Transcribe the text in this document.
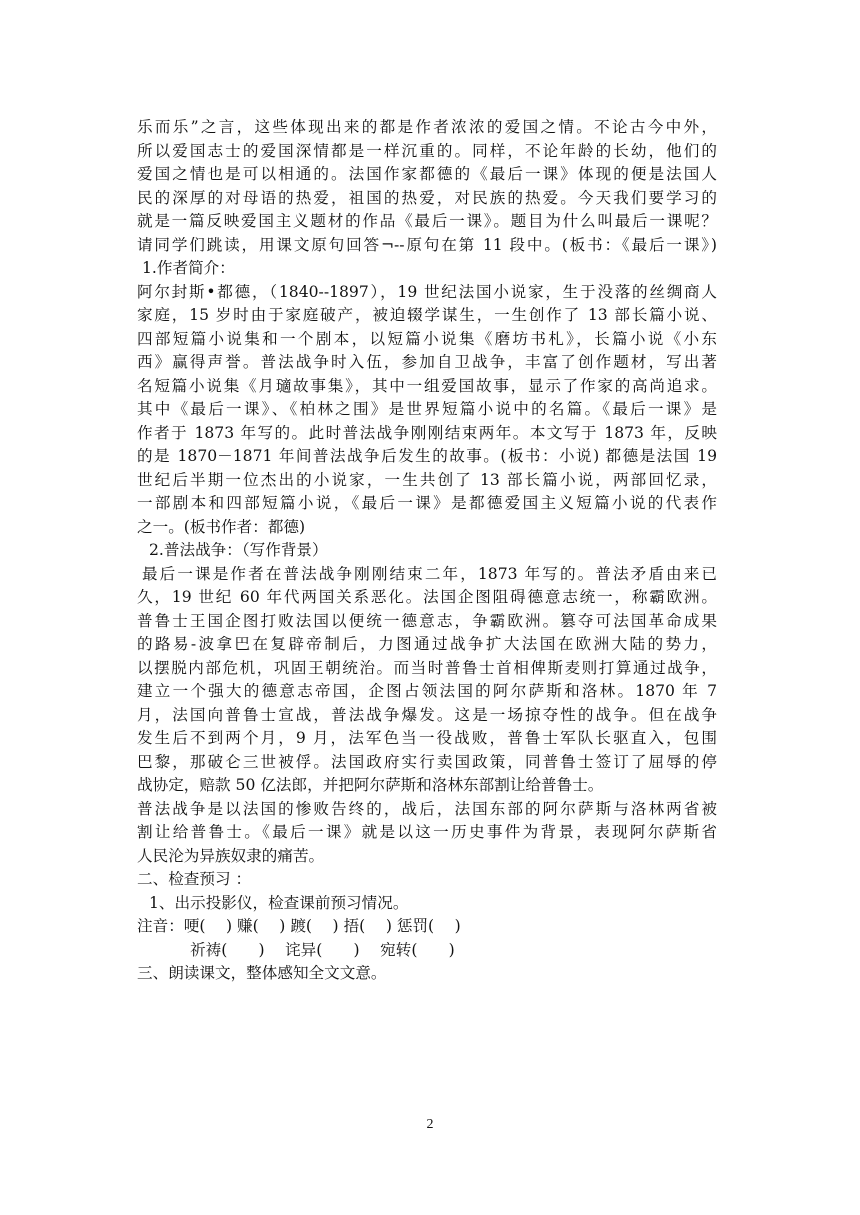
乐而乐”之言，这些体现出来的都是作者浓浓的爱国之情。不论古今中外，
所以爱国志士的爱国深情都是一样沉重的。同样，不论年龄的长幼，他们的
爱国之情也是可以相通的。法国作家都德的《最后一课》体现的便是法国人
民的深厚的对母语的热爱，祖国的热爱，对民族的热爱。今天我们要学习的
就是一篇反映爱国主义题材的作品《最后一课》。题目为什么叫最后一课呢？
请同学们跳读，用课文原句回答¬--原句在第 11 段中。(板书：《最后一课》)
1.作者简介：
阿尔封斯•都德，（1840--1897），19 世纪法国小说家，生于没落的丝绸商人
家庭，15 岁时由于家庭破产，被迫辍学谋生，一生创作了 13 部长篇小说、
四部短篇小说集和一个剧本，以短篇小说集《磨坊书札》，长篇小说《小东
西》赢得声誉。普法战争时入伍，参加自卫战争，丰富了创作题材，写出著
名短篇小说集《月瓋故事集》，其中一组爱国故事，显示了作家的高尚追求。
其中《最后一课》、《柏林之围》是世界短篇小说中的名篇。《最后一课》是
作者于 1873 年写的。此时普法战争刚刚结束两年。本文写于 1873 年，反映
的是 1870－1871 年间普法战争后发生的故事。(板书：小说) 都德是法国 19
世纪后半期一位杰出的小说家，一生共创了 13 部长篇小说，两部回忆录，
一部剧本和四部短篇小说，《最后一课》是都德爱国主义短篇小说的代表作
之一。(板书作者：都德)
2.普法战争：（写作背景）
最后一课是作者在普法战争刚刚结束二年，1873 年写的。普法矛盾由来已
久，19 世纪 60 年代两国关系恶化。法国企图阻碍德意志统一，称霸欧洲。
普鲁士王国企图打败法国以便统一德意志，争霸欧洲。篡夺可法国革命成果
的路易-波拿巴在复辟帝制后，力图通过战争扩大法国在欧洲大陆的势力，
以摆脱内部危机，巩固王朝统治。而当时普鲁士首相俾斯麦则打算通过战争，
建立一个强大的德意志帝国，企图占领法国的阿尔萨斯和洛林。1870 年 7
月，法国向普鲁士宣战，普法战争爆发。这是一场掠夺性的战争。但在战争
发生后不到两个月，9 月，法军色当一役战败，普鲁士军队长驱直入，包围
巴黎，那破仑三世被俘。法国政府实行卖国政策，同普鲁士签订了屈辱的停
战协定，赔款 50 亿法郎，并把阿尔萨斯和洛林东部割让给普鲁士。
普法战争是以法国的惨败告终的，战后，法国东部的阿尔萨斯与洛林两省被
割让给普鲁士。《最后一课》就是以这一历史事件为背景，表现阿尔萨斯省
人民沦为异族奴隶的痛苦。
二、检查预习 ：
1、出示投影仪，检查课前预习情况。
注音：哽(　 ) 赚(　 ) 踱(　 ) 捂(　 ) 惩罚(　 )
祈祷(　　)　 诧异(　　)　 宛转(　　)
三、朗读课文，整体感知全文文意。
2
